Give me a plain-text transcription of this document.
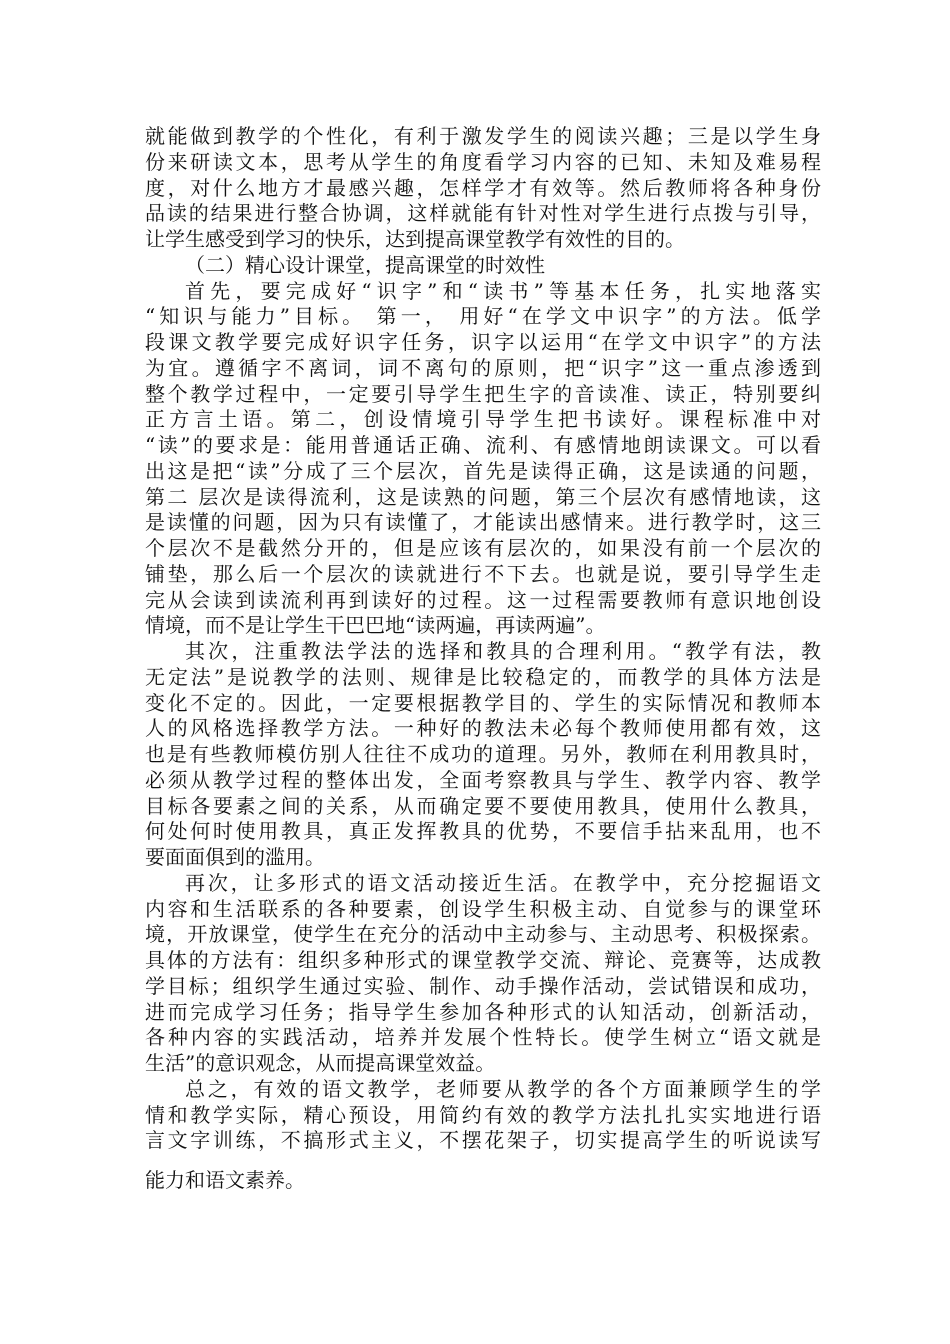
就能做到教学的个性化，有利于激发学生的阅读兴趣；三是以学生身
份来研读文本，思考从学生的角度看学习内容的已知、未知及难易程
度，对什么地方才最感兴趣，怎样学才有效等。然后教师将各种身份
品读的结果进行整合协调，这样就能有针对性对学生进行点拨与引导，
让学生感受到学习的快乐，达到提高课堂教学有效性的目的。
（二）精心设计课堂，提高课堂的时效性
首先，要完成好“识字”和“读书”等基本任务，扎实地落实
“知识与能力”目标。 第一， 用好“在学文中识字”的方法。低学
段课文教学要完成好识字任务，识字以运用“在学文中识字”的方法
为宜。遵循字不离词，词不离句的原则，把“识字”这一重点渗透到
整个教学过程中，一定要引导学生把生字的音读准、读正，特别要纠
正方言土语。第二，创设情境引导学生把书读好。课程标准中对
“读”的要求是：能用普通话正确、流利、有感情地朗读课文。可以看
出这是把“读”分成了三个层次，首先是读得正确，这是读通的问题，
第二 层次是读得流利，这是读熟的问题，第三个层次有感情地读，这
是读懂的问题，因为只有读懂了，才能读出感情来。进行教学时，这三
个层次不是截然分开的，但是应该有层次的，如果没有前一个层次的
铺垫，那么后一个层次的读就进行不下去。也就是说，要引导学生走
完从会读到读流利再到读好的过程。这一过程需要教师有意识地创设
情境，而不是让学生干巴巴地“读两遍，再读两遍”。
其次，注重教法学法的选择和教具的合理利用。“教学有法，教
无定法”是说教学的法则、规律是比较稳定的，而教学的具体方法是
变化不定的。因此，一定要根据教学目的、学生的实际情况和教师本
人的风格选择教学方法。一种好的教法未必每个教师使用都有效，这
也是有些教师模仿别人往往不成功的道理。另外，教师在利用教具时，
必须从教学过程的整体出发，全面考察教具与学生、教学内容、教学
目标各要素之间的关系，从而确定要不要使用教具，使用什么教具，
何处何时使用教具，真正发挥教具的优势，不要信手拈来乱用，也不
要面面俱到的滥用。
再次，让多形式的语文活动接近生活。在教学中，充分挖掘语文
内容和生活联系的各种要素，创设学生积极主动、自觉参与的课堂环
境，开放课堂，使学生在充分的活动中主动参与、主动思考、积极探索。
具体的方法有：组织多种形式的课堂教学交流、辩论、竞赛等，达成教
学目标；组织学生通过实验、制作、动手操作活动，尝试错误和成功，
进而完成学习任务；指导学生参加各种形式的认知活动，创新活动，
各种内容的实践活动，培养并发展个性特长。使学生树立“语文就是
生活”的意识观念，从而提高课堂效益。
总之，有效的语文教学，老师要从教学的各个方面兼顾学生的学
情和教学实际，精心预设，用简约有效的教学方法扎扎实实地进行语
言文字训练，不搞形式主义，不摆花架子，切实提高学生的听说读写
能力和语文素养。
